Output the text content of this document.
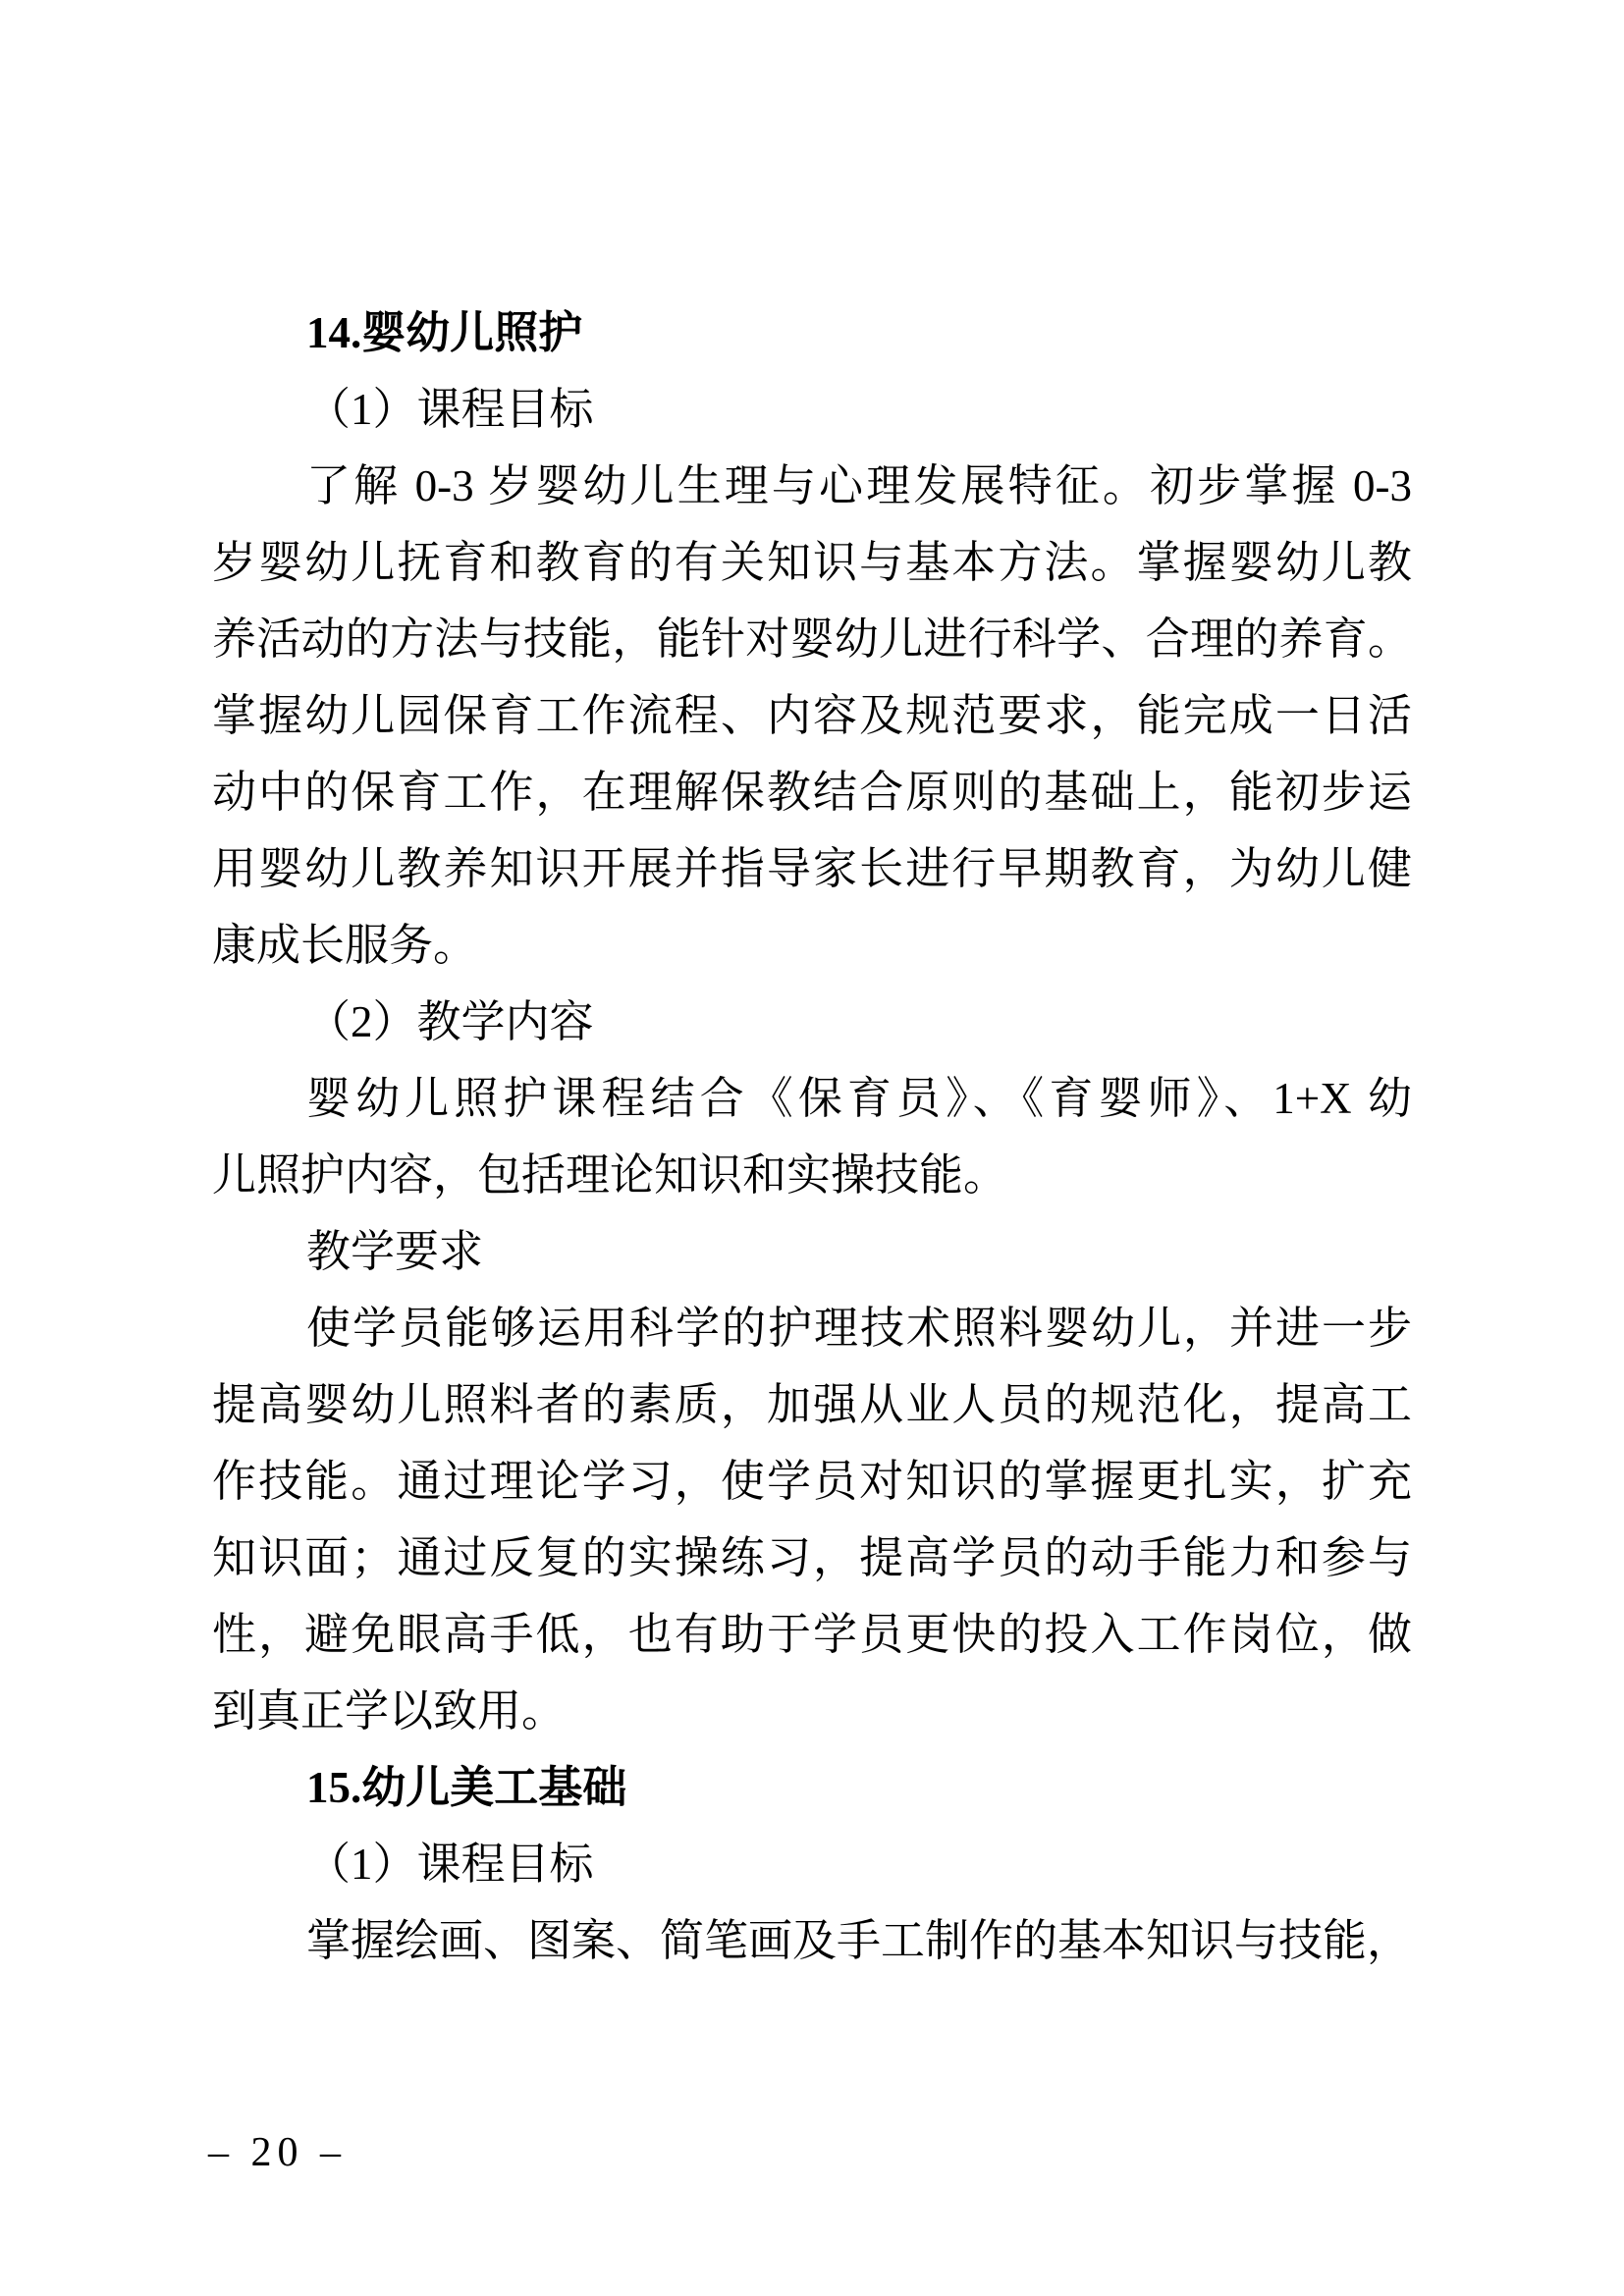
14.婴幼儿照护
（1）课程目标
了解 0-3 岁婴幼儿生理与心理发展特征。初步掌握 0-3
岁婴幼儿抚育和教育的有关知识与基本方法。掌握婴幼儿教
养活动的方法与技能，能针对婴幼儿进行科学、合理的养育。
掌握幼儿园保育工作流程、内容及规范要求，能完成一日活
动中的保育工作，在理解保教结合原则的基础上，能初步运
用婴幼儿教养知识开展并指导家长进行早期教育，为幼儿健
康成长服务。
（2）教学内容
婴幼儿照护课程结合《保育员》、《育婴师》、1+X 幼
儿照护内容，包括理论知识和实操技能。
教学要求
使学员能够运用科学的护理技术照料婴幼儿，并进一步
提高婴幼儿照料者的素质，加强从业人员的规范化，提高工
作技能。通过理论学习，使学员对知识的掌握更扎实，扩充
知识面；通过反复的实操练习，提高学员的动手能力和参与
性，避免眼高手低，也有助于学员更快的投入工作岗位，做
到真正学以致用。
15.幼儿美工基础
（1）课程目标
掌握绘画、图案、简笔画及手工制作的基本知识与技能，
– 20 –
